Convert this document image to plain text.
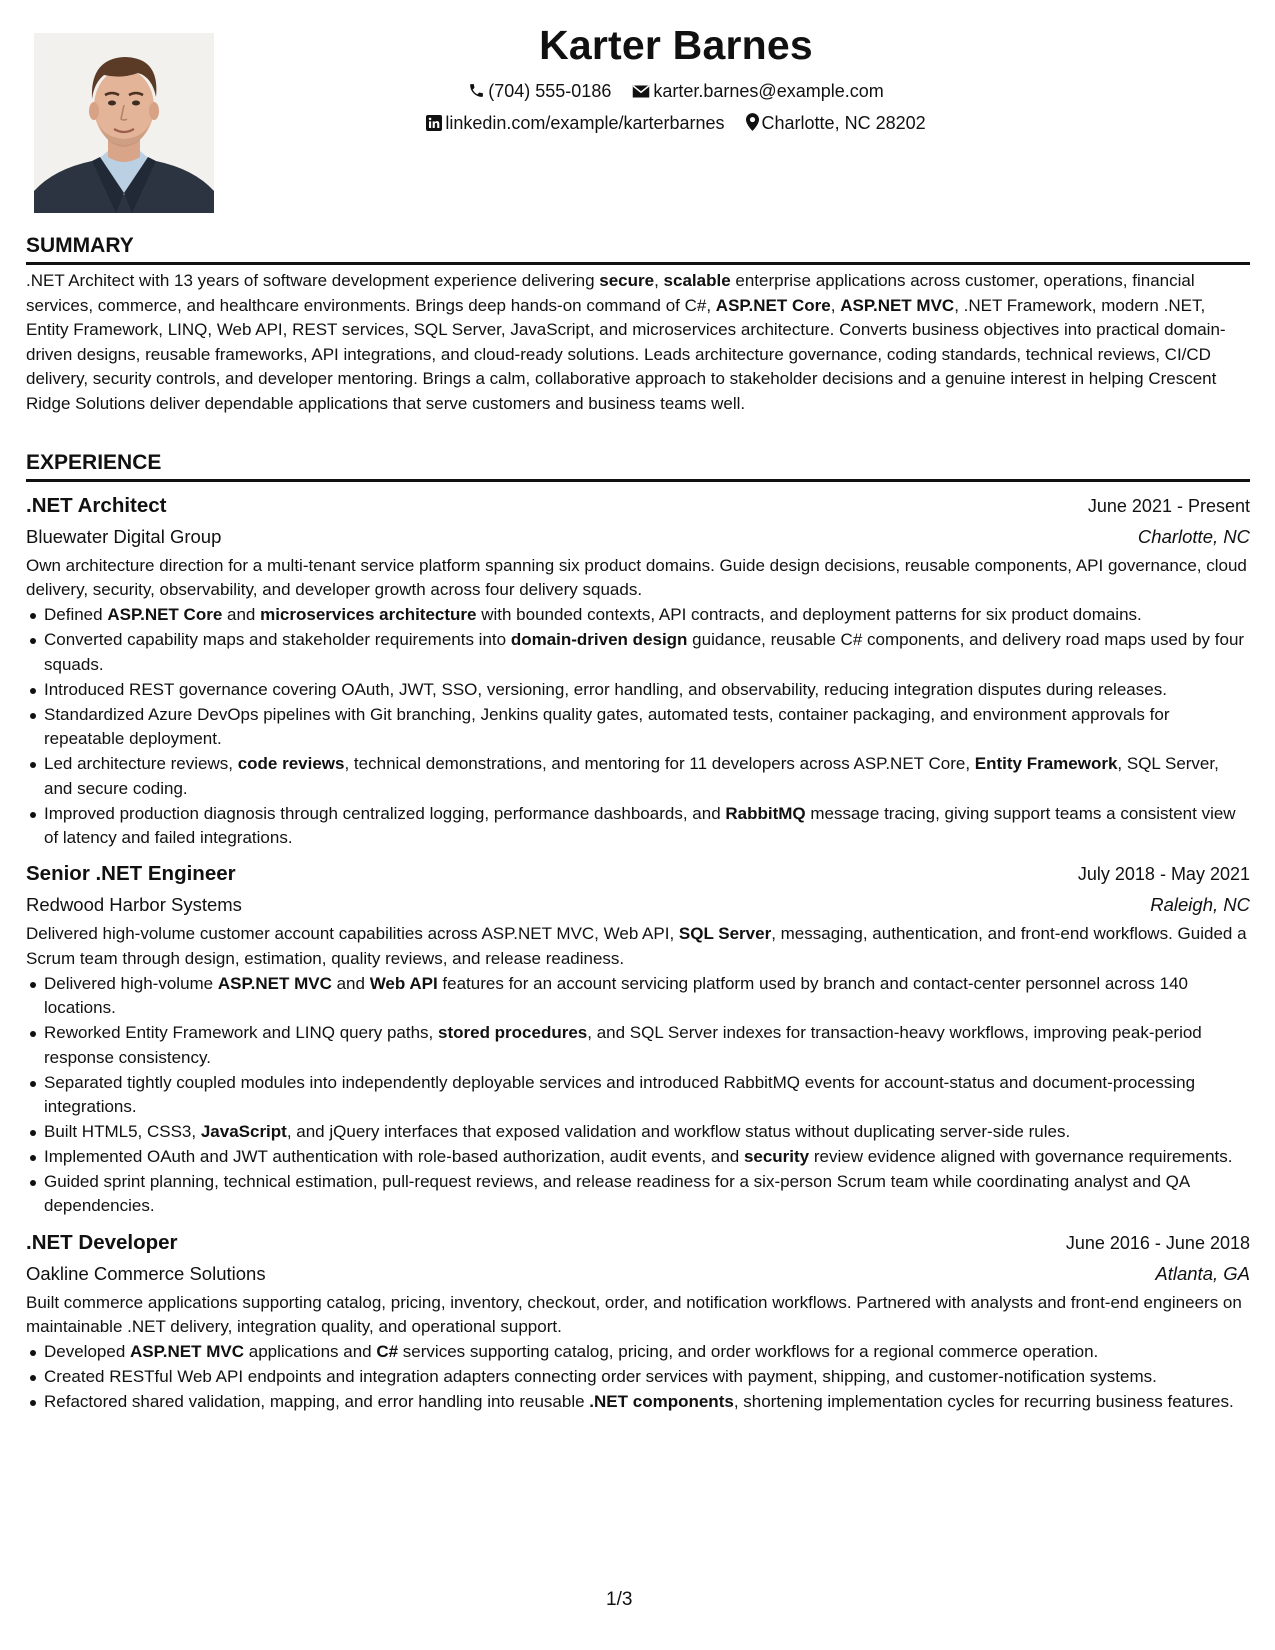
Karter Barnes
(704) 555-0186 karter.barnes@example.com
linkedin.com/example/karterbarnes Charlotte, NC 28202
SUMMARY

.NET Architect with 13 years of software development experience delivering secure, scalable enterprise applications across customer, operations, financial services, commerce, and healthcare environments. Brings deep hands-on command of C#, ASP.NET Core, ASP.NET MVC, .NET Framework, modern .NET, Entity Framework, LINQ, Web API, REST services, SQL Server, JavaScript, and microservices architecture. Converts business objectives into practical domain-driven designs, reusable frameworks, API integrations, and cloud-ready solutions. Leads architecture governance, coding standards, technical reviews, CI/CD delivery, security controls, and developer mentoring. Brings a calm, collaborative approach to stakeholder decisions and a genuine interest in helping Crescent Ridge Solutions deliver dependable applications that serve customers and business teams well.

EXPERIENCE
.NET Architect	June 2021 - Present
Bluewater Digital Group	Charlotte, NC

Own architecture direction for a multi-tenant service platform spanning six product domains. Guide design decisions, reusable components, API governance, cloud delivery, security, observability, and developer growth across four delivery squads.

Defined ASP.NET Core and microservices architecture with bounded contexts, API contracts, and deployment patterns for six product domains.
Converted capability maps and stakeholder requirements into domain-driven design guidance, reusable C# components, and delivery road maps used by four squads.
Introduced REST governance covering OAuth, JWT, SSO, versioning, error handling, and observability, reducing integration disputes during releases.
Standardized Azure DevOps pipelines with Git branching, Jenkins quality gates, automated tests, container packaging, and environment approvals for repeatable deployment.
Led architecture reviews, code reviews, technical demonstrations, and mentoring for 11 developers across ASP.NET Core, Entity Framework, SQL Server, and secure coding.
Improved production diagnosis through centralized logging, performance dashboards, and RabbitMQ message tracing, giving support teams a consistent view of latency and failed integrations.
Senior .NET Engineer	July 2018 - May 2021
Redwood Harbor Systems	Raleigh, NC

Delivered high-volume customer account capabilities across ASP.NET MVC, Web API, SQL Server, messaging, authentication, and front-end workflows. Guided a Scrum team through design, estimation, quality reviews, and release readiness.

Delivered high-volume ASP.NET MVC and Web API features for an account servicing platform used by branch and contact-center personnel across 140 locations.
Reworked Entity Framework and LINQ query paths, stored procedures, and SQL Server indexes for transaction-heavy workflows, improving peak-period response consistency.
Separated tightly coupled modules into independently deployable services and introduced RabbitMQ events for account-status and document-processing integrations.
Built HTML5, CSS3, JavaScript, and jQuery interfaces that exposed validation and workflow status without duplicating server-side rules.
Implemented OAuth and JWT authentication with role-based authorization, audit events, and security review evidence aligned with governance requirements.
Guided sprint planning, technical estimation, pull-request reviews, and release readiness for a six-person Scrum team while coordinating analyst and QA dependencies.
.NET Developer	June 2016 - June 2018
Oakline Commerce Solutions	Atlanta, GA

Built commerce applications supporting catalog, pricing, inventory, checkout, order, and notification workflows. Partnered with analysts and front-end engineers on maintainable .NET delivery, integration quality, and operational support.

Developed ASP.NET MVC applications and C# services supporting catalog, pricing, and order workflows for a regional commerce operation.
Created RESTful Web API endpoints and integration adapters connecting order services with payment, shipping, and customer-notification systems.
Refactored shared validation, mapping, and error handling into reusable .NET components, shortening implementation cycles for recurring business features.
1/3
